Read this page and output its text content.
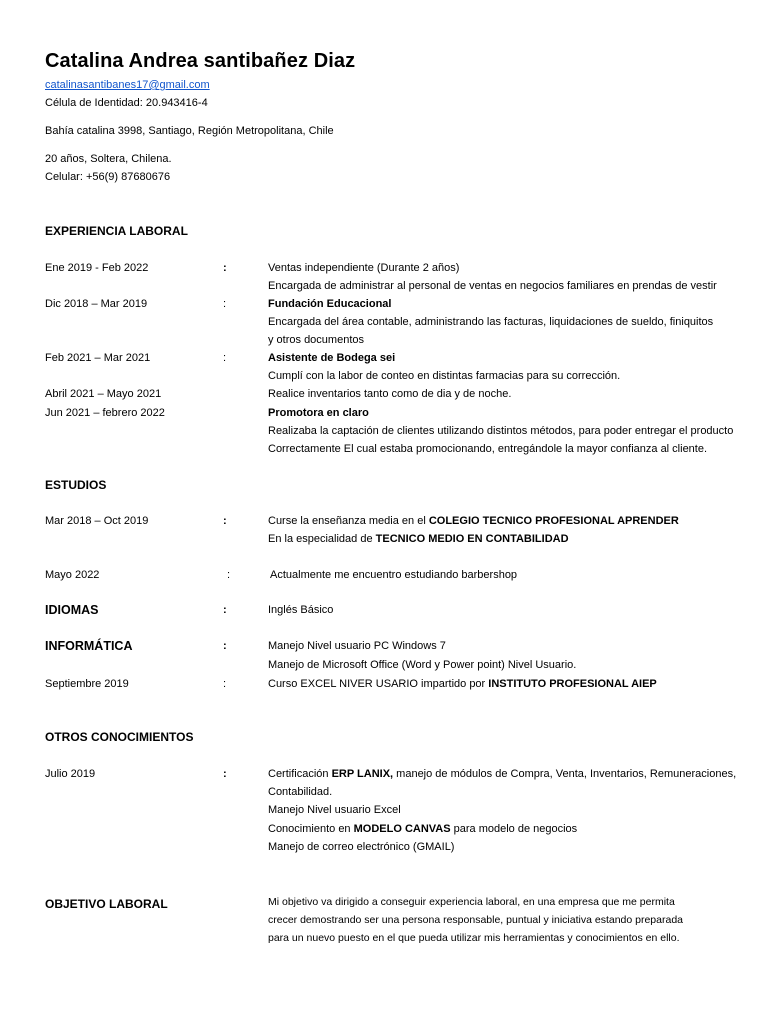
Catalina Andrea santibañez Diaz
catalinasantibanes17@gmail.com
Célula de Identidad: 20.943416-4
Bahía catalina 3998, Santiago, Región Metropolitana, Chile
20 años, Soltera, Chilena.
Celular: +56(9) 87680676
EXPERIENCIA LABORAL
Ene 2019 - Feb 2022	:	Ventas independiente (Durante 2 años)
Encargada de administrar al personal de ventas en negocios familiares en prendas de vestir
Dic 2018 – Mar 2019	:	Fundación Educacional
Encargada del área contable, administrando las facturas, liquidaciones de sueldo, finiquitos
y otros documentos
Feb 2021 – Mar 2021	:	Asistente de Bodega sei
Cumplí con la labor de conteo en distintas farmacias para su corrección.
Abril 2021 – Mayo 2021	Realice inventarios tanto como de dia y de noche.
Jun 2021 – febrero 2022	Promotora en claro
Realizaba la captación de clientes utilizando distintos métodos, para poder entregar el producto
Correctamente El cual estaba promocionando, entregándole la mayor confianza al cliente.
ESTUDIOS
Mar 2018 – Oct 2019	:	Curse la enseñanza media en el COLEGIO TECNICO PROFESIONAL APRENDER
En la especialidad de TECNICO MEDIO EN CONTABILIDAD
Mayo 2022	:	Actualmente me encuentro estudiando barbershop
IDIOMAS	:	Inglés Básico
INFORMÁTICA	:	Manejo Nivel usuario PC Windows 7
Manejo de Microsoft Office (Word y Power point) Nivel Usuario.
Septiembre 2019	:	Curso EXCEL NIVER USARIO impartido por INSTITUTO PROFESIONAL AIEP
OTROS CONOCIMIENTOS
Julio 2019	:	Certificación ERP LANIX, manejo de módulos de Compra, Venta, Inventarios, Remuneraciones,
Contabilidad.
Manejo Nivel usuario Excel
Conocimiento en MODELO CANVAS para modelo de negocios
Manejo de correo electrónico (GMAIL)
OBJETIVO LABORAL	Mi objetivo va dirigido a conseguir experiencia laboral, en una empresa que me permita
crecer demostrando ser una persona responsable, puntual y iniciativa estando preparada
para un nuevo puesto en el que pueda utilizar mis herramientas y conocimientos en ello.
